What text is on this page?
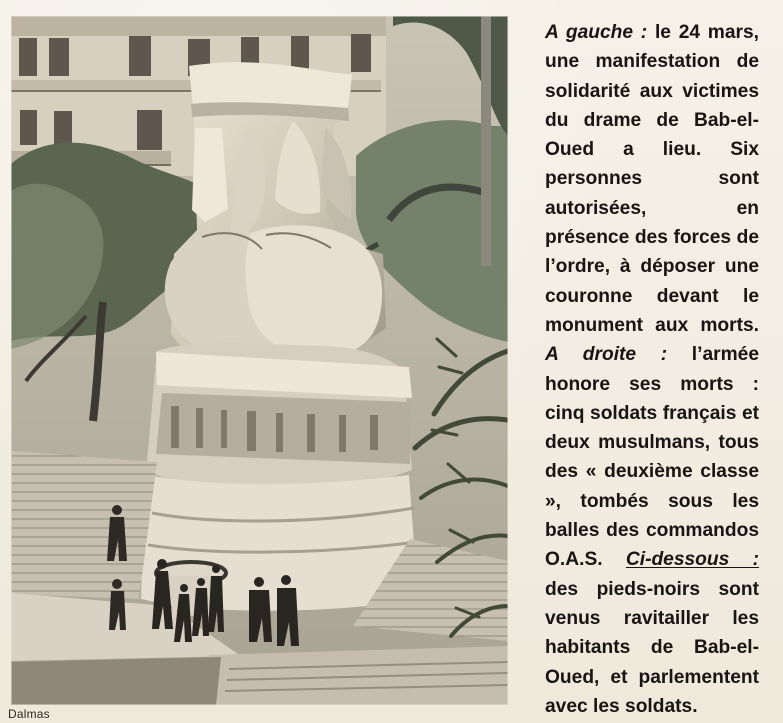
Dalmas
A gauche : le 24 mars, une manifestation de solidarité aux victimes du drame de Bab-el-Oued a lieu. Six personnes sont autorisées, en présence des forces de l’ordre, à déposer une couronne devant le monument aux morts. A droite : l’armée honore ses morts : cinq soldats français et deux musulmans, tous des « deuxième classe », tombés sous les balles des commandos O.A.S. Ci-dessous : des pieds-noirs sont venus ravitailler les habitants de Bab-el-Oued, et parlementent avec les soldats.
